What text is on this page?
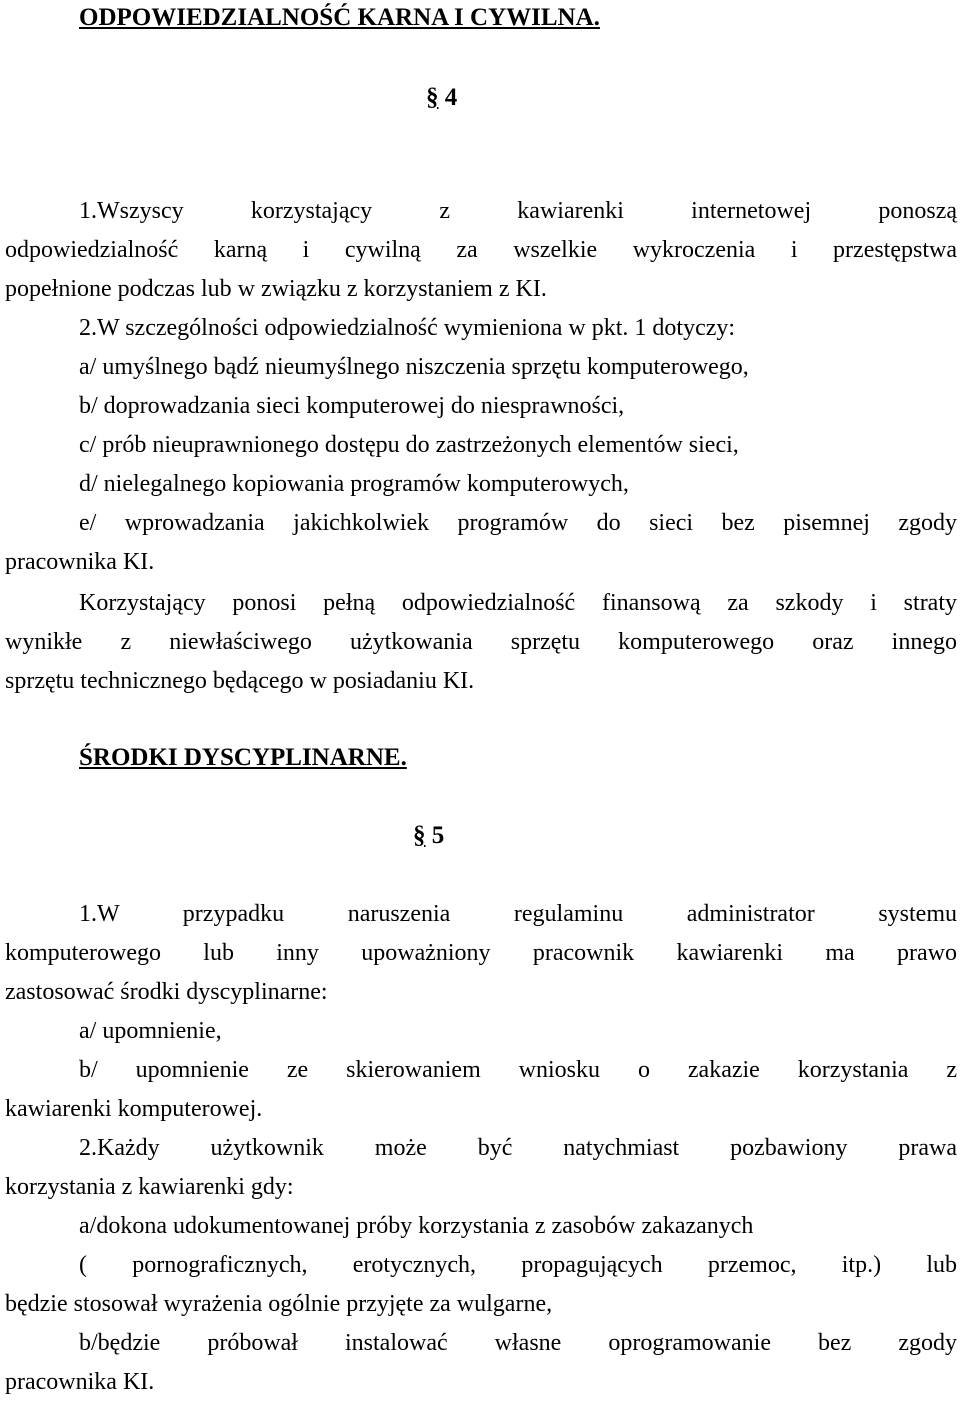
ODPOWIEDZIALNOŚĆ KARNA I CYWILNA.
§ 4
1.Wszyscy korzystający z kawiarenki internetowej ponoszą
odpowiedzialność karną i cywilną za wszelkie wykroczenia i przestępstwa
popełnione podczas lub w związku z korzystaniem z KI.
2.W szczególności odpowiedzialność wymieniona w pkt. 1 dotyczy:
a/ umyślnego bądź nieumyślnego niszczenia sprzętu komputerowego,
b/ doprowadzania sieci komputerowej do niesprawności,
c/ prób nieuprawnionego dostępu do zastrzeżonych elementów sieci,
d/ nielegalnego kopiowania programów komputerowych,
e/ wprowadzania jakichkolwiek programów do sieci bez pisemnej zgody
pracownika KI.
Korzystający ponosi pełną odpowiedzialność finansową za szkody i straty
wynikłe z niewłaściwego użytkowania sprzętu komputerowego oraz innego
sprzętu technicznego będącego w posiadaniu KI.
ŚRODKI DYSCYPLINARNE.
§ 5
1.W przypadku naruszenia regulaminu administrator systemu
komputerowego lub inny upoważniony pracownik kawiarenki ma prawo
zastosować środki dyscyplinarne:
a/ upomnienie,
b/ upomnienie ze skierowaniem wniosku o zakazie korzystania z
kawiarenki komputerowej.
2.Każdy użytkownik może być natychmiast pozbawiony prawa
korzystania z kawiarenki gdy:
a/dokona udokumentowanej próby korzystania z zasobów zakazanych
( pornograficznych, erotycznych, propagujących przemoc, itp.) lub
będzie stosował wyrażenia ogólnie przyjęte za wulgarne,
b/będzie próbował instalować własne oprogramowanie bez zgody
pracownika KI.
